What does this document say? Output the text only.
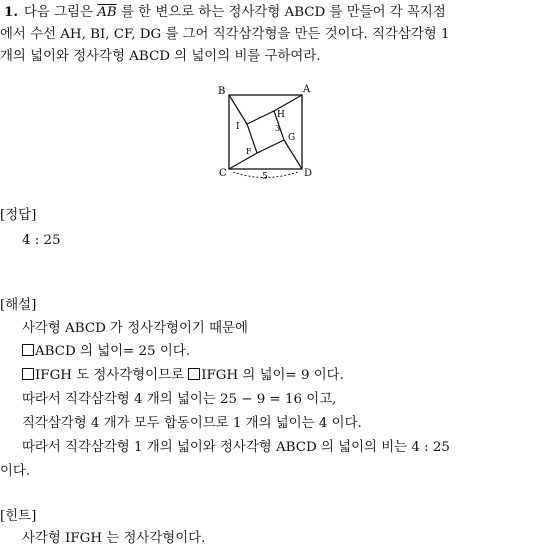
1. 다음 그림은 $\overline{AB}$ 를 한 변으로 하는 정사각형 ABCD 를 만들어 각 꼭지점
에서 수선 AH, BI, CF, DG 를 그어 직각삼각형을 만든 것이다. 직각삼각형 1
개의 넓이와 정사각형 ABCD 의 넓이의 비를 구하여라.
B	A
C	D
H
I
F
G
3
5
[정답]
4 : 25
[해설]
사각형 ABCD 가 정사각형이기 때문에
ABCD 의 넓이= 25 이다.
IFGH 도 정사각형이므로 IFGH 의 넓이= 9 이다.
따라서 직각삼각형 4 개의 넓이는 25 − 9 = 16 이고,
직각삼각형 4 개가 모두 합동이므로 1 개의 넓이는 4 이다.
따라서 직각삼각형 1 개의 넓이와 정사각형 ABCD 의 넓이의 비는 4 : 25
이다.
[힌트]
사각형 IFGH 는 정사각형이다.
